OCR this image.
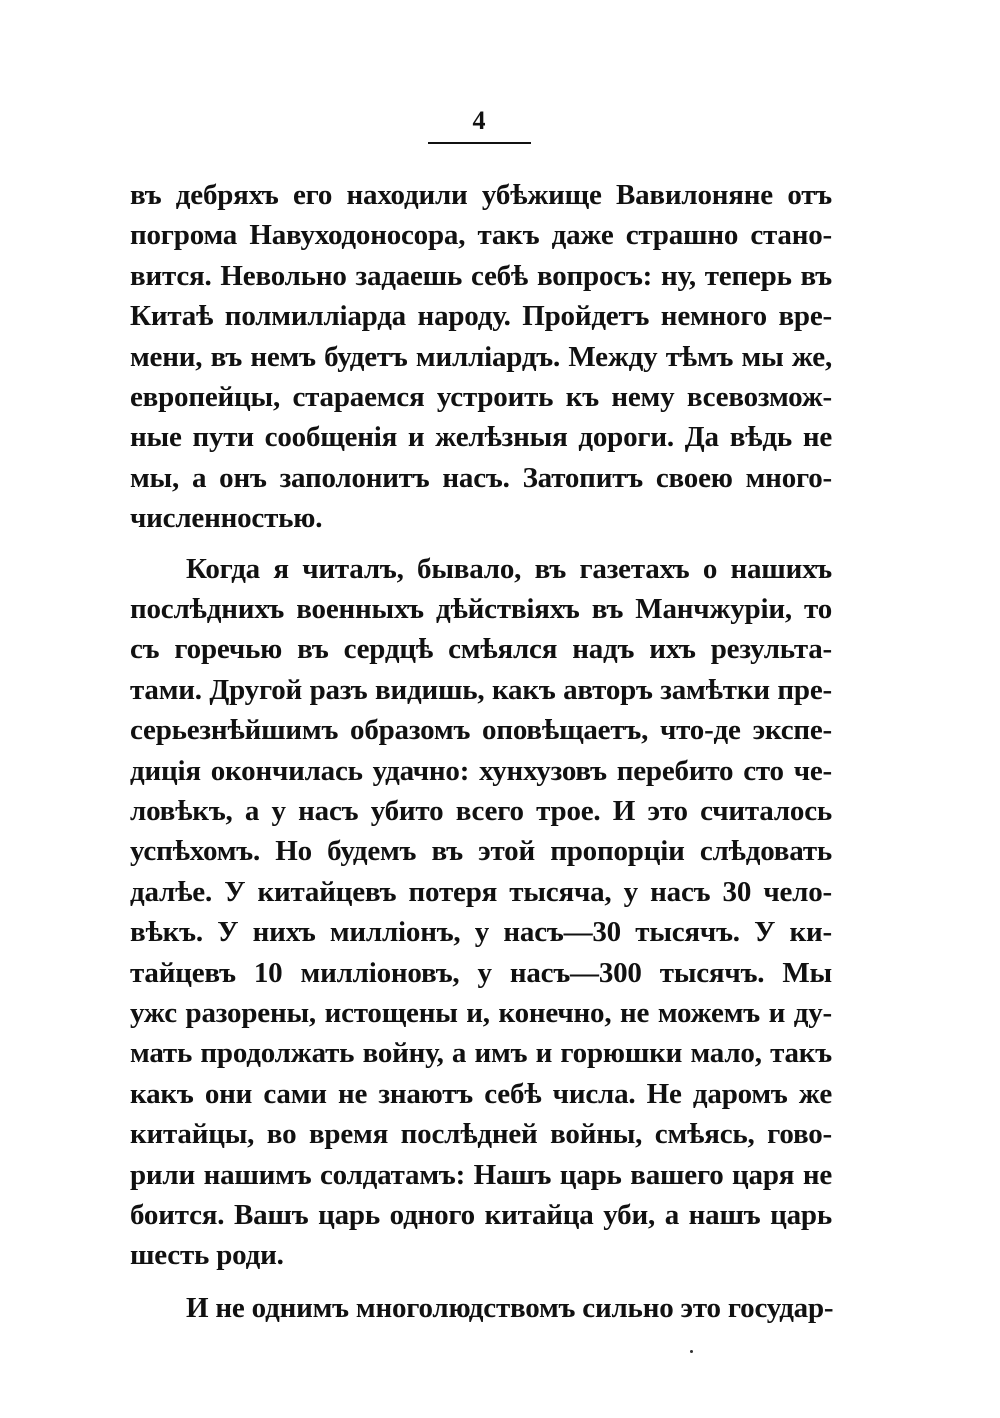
4
въ дебряхъ его находили убѣжище Вавилоняне отъ
погрома Навуходоносора, такъ даже страшно стано-
вится. Невольно задаешь себѣ вопросъ: ну, теперь въ
Китаѣ полмилліарда народу. Пройдетъ немного вре-
мени, въ немъ будетъ милліардъ. Между тѣмъ мы же,
европейцы, стараемся устроить къ нему всевозмож-
ные пути сообщенія и желѣзныя дороги. Да вѣдь не
мы, а онъ заполонитъ насъ. Затопитъ своею много-
численностью.
Когда я читалъ, бывало, въ газетахъ о нашихъ
послѣднихъ военныхъ дѣйствіяхъ въ Манчжуріи, то
съ горечью въ сердцѣ смѣялся надъ ихъ результа-
тами. Другой разъ видишь, какъ авторъ замѣтки пре-
серьезнѣйшимъ образомъ оповѣщаетъ, что-де экспе-
диція окончилась удачно: хунхузовъ перебито сто че-
ловѣкъ, а у насъ убито всего трое. И это считалось
успѣхомъ. Но будемъ въ этой пропорціи слѣдовать
далѣе. У китайцевъ потеря тысяча, у насъ 30 чело-
вѣкъ. У нихъ милліонъ, у насъ—30 тысячъ. У ки-
тайцевъ 10 милліоновъ, у насъ—300 тысячъ. Мы
ужс разорены, истощены и, конечно, не можемъ и ду-
мать продолжать войну, а имъ и горюшки мало, такъ
какъ они сами не знаютъ себѣ числа. Не даромъ же
китайцы, во время послѣдней войны, смѣясь, гово-
рили нашимъ солдатамъ: Нашъ царь вашего царя не
боится. Вашъ царь одного китайца уби, а нашъ царь
шесть роди.
И не однимъ многолюдствомъ сильно это государ-
